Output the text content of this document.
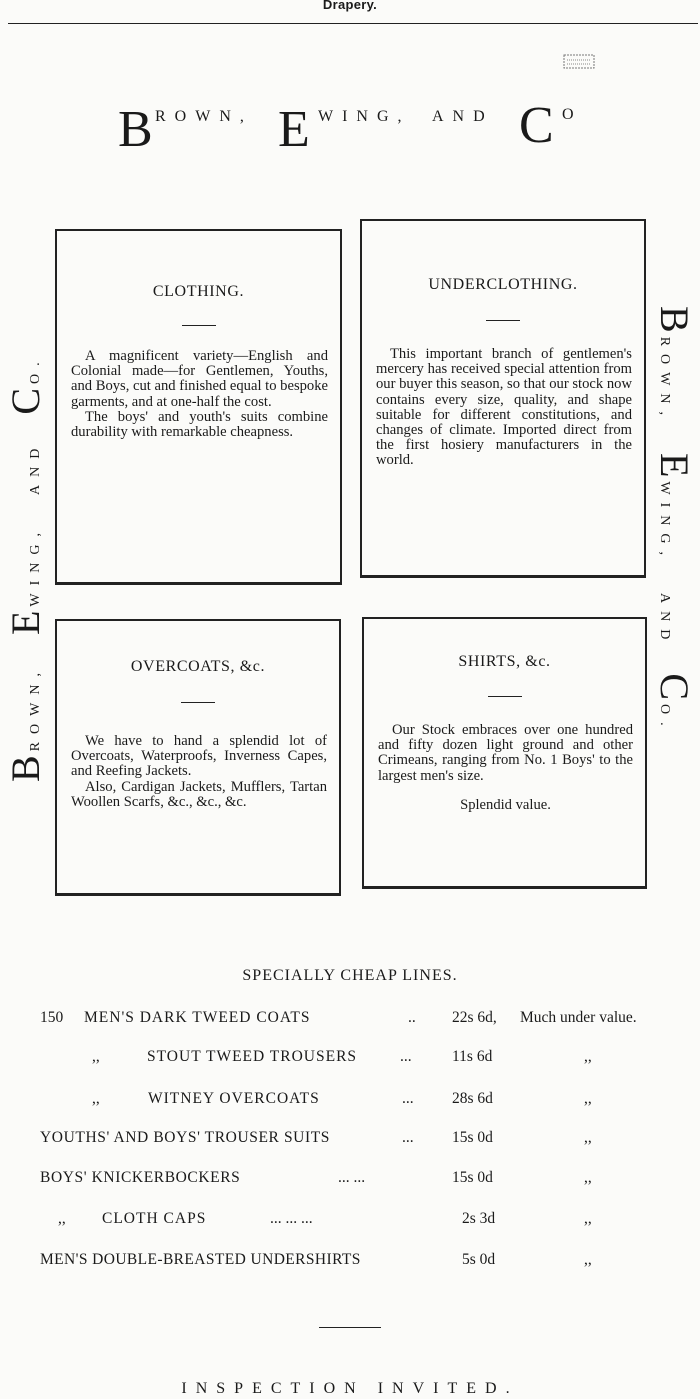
Drapery.
B ROWN, E WING, AND C O
BROWN,EWING,ANDCO.
BROWN,EWING,ANDCO.
CLOTHING.

A magnificent variety—English and Colonial made—for Gentlemen, Youths, and Boys, cut and finished equal to bespoke garments, and at one-half the cost.

The boys' and youth's suits combine durability with remarkable cheapness.

UNDERCLOTHING.

This important branch of gentlemen's mercery has received special attention from our buyer this season, so that our stock now contains every size, quality, and shape suitable for different constitutions, and changes of climate. Imported direct from the first hosiery manufacturers in the world.

OVERCOATS, &c.

We have to hand a splendid lot of Overcoats, Waterproofs, Inverness Capes, and Reefing Jackets.

Also, Cardigan Jackets, Mufflers, Tartan Woollen Scarfs, &c., &c., &c.

SHIRTS, &c.

Our Stock embraces over one hundred and fifty dozen light ground and other Crimeans, ranging from No. 1 Boys' to the largest men's size.

Splendid value.

SPECIALLY CHEAP LINES.
150 MEN'S DARK TWEED COATS	.. 22s 6d, Much under value.
,,	STOUT TWEED TROUSERS	...	11s 6d	,,
,,	WITNEY OVERCOATS	... 28s 6d	,,
YOUTHS' AND BOYS' TROUSER SUITS	... 15s 0d	,,
BOYS' KNICKERBOCKERS	... ...	15s 0d	,,
,, CLOTH CAPS	... ... ...	2s 3d	,,
MEN'S DOUBLE-BREASTED UNDERSHIRTS	5s 0d	,,
INSPECTION INVITED.
